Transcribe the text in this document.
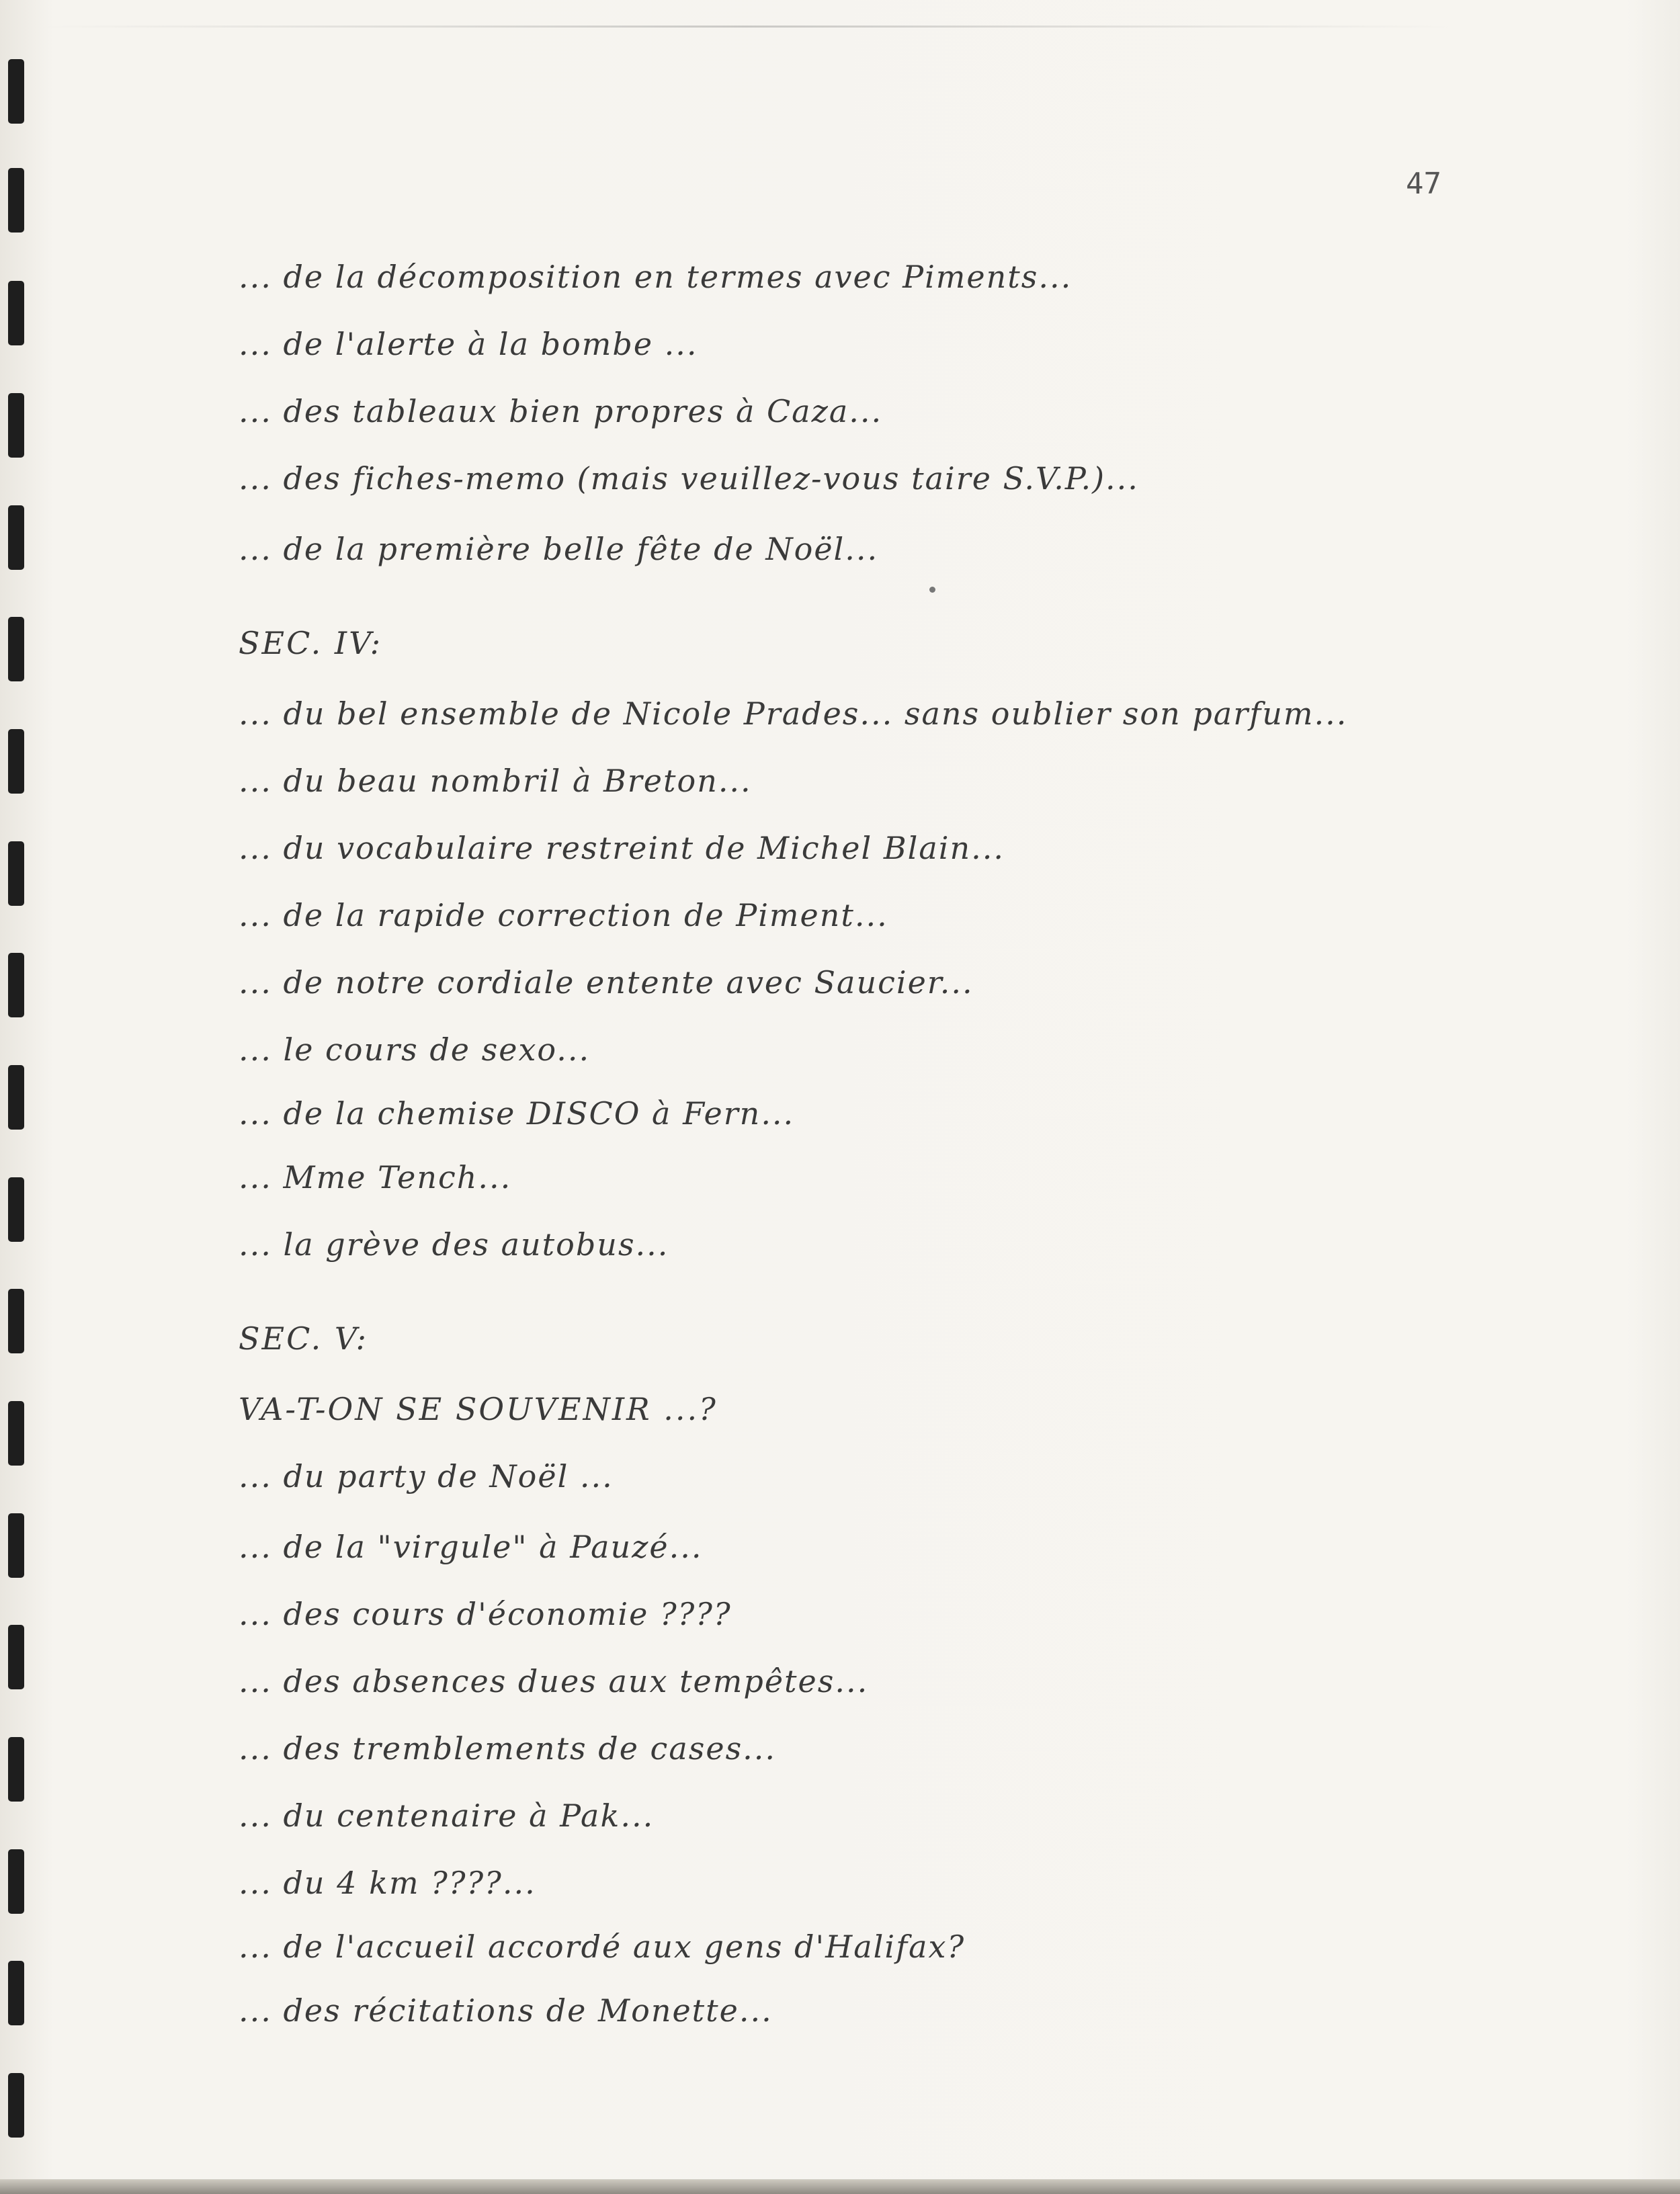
47
... de la décomposition en termes avec Piments...
... de l'alerte à la bombe ...
... des tableaux bien propres à Caza...
... des fiches-memo (mais veuillez-vous taire S.V.P.)...
... de la première belle fête de Noël...
SEC. IV:
... du bel ensemble de Nicole Prades... sans oublier son parfum...
... du beau nombril à Breton...
... du vocabulaire restreint de Michel Blain...
... de la rapide correction de Piment...
... de notre cordiale entente avec Saucier...
... le cours de sexo...
... de la chemise DISCO à Fern...
... Mme Tench...
... la grève des autobus...
SEC. V:
VA-T-ON SE SOUVENIR ...?
... du party de Noël ...
... de la "virgule" à Pauzé...
... des cours d'économie ????
... des absences dues aux tempêtes...
... des tremblements de cases...
... du centenaire à Pak...
... du 4 km ????...
... de l'accueil accordé aux gens d'Halifax?
... des récitations de Monette...
